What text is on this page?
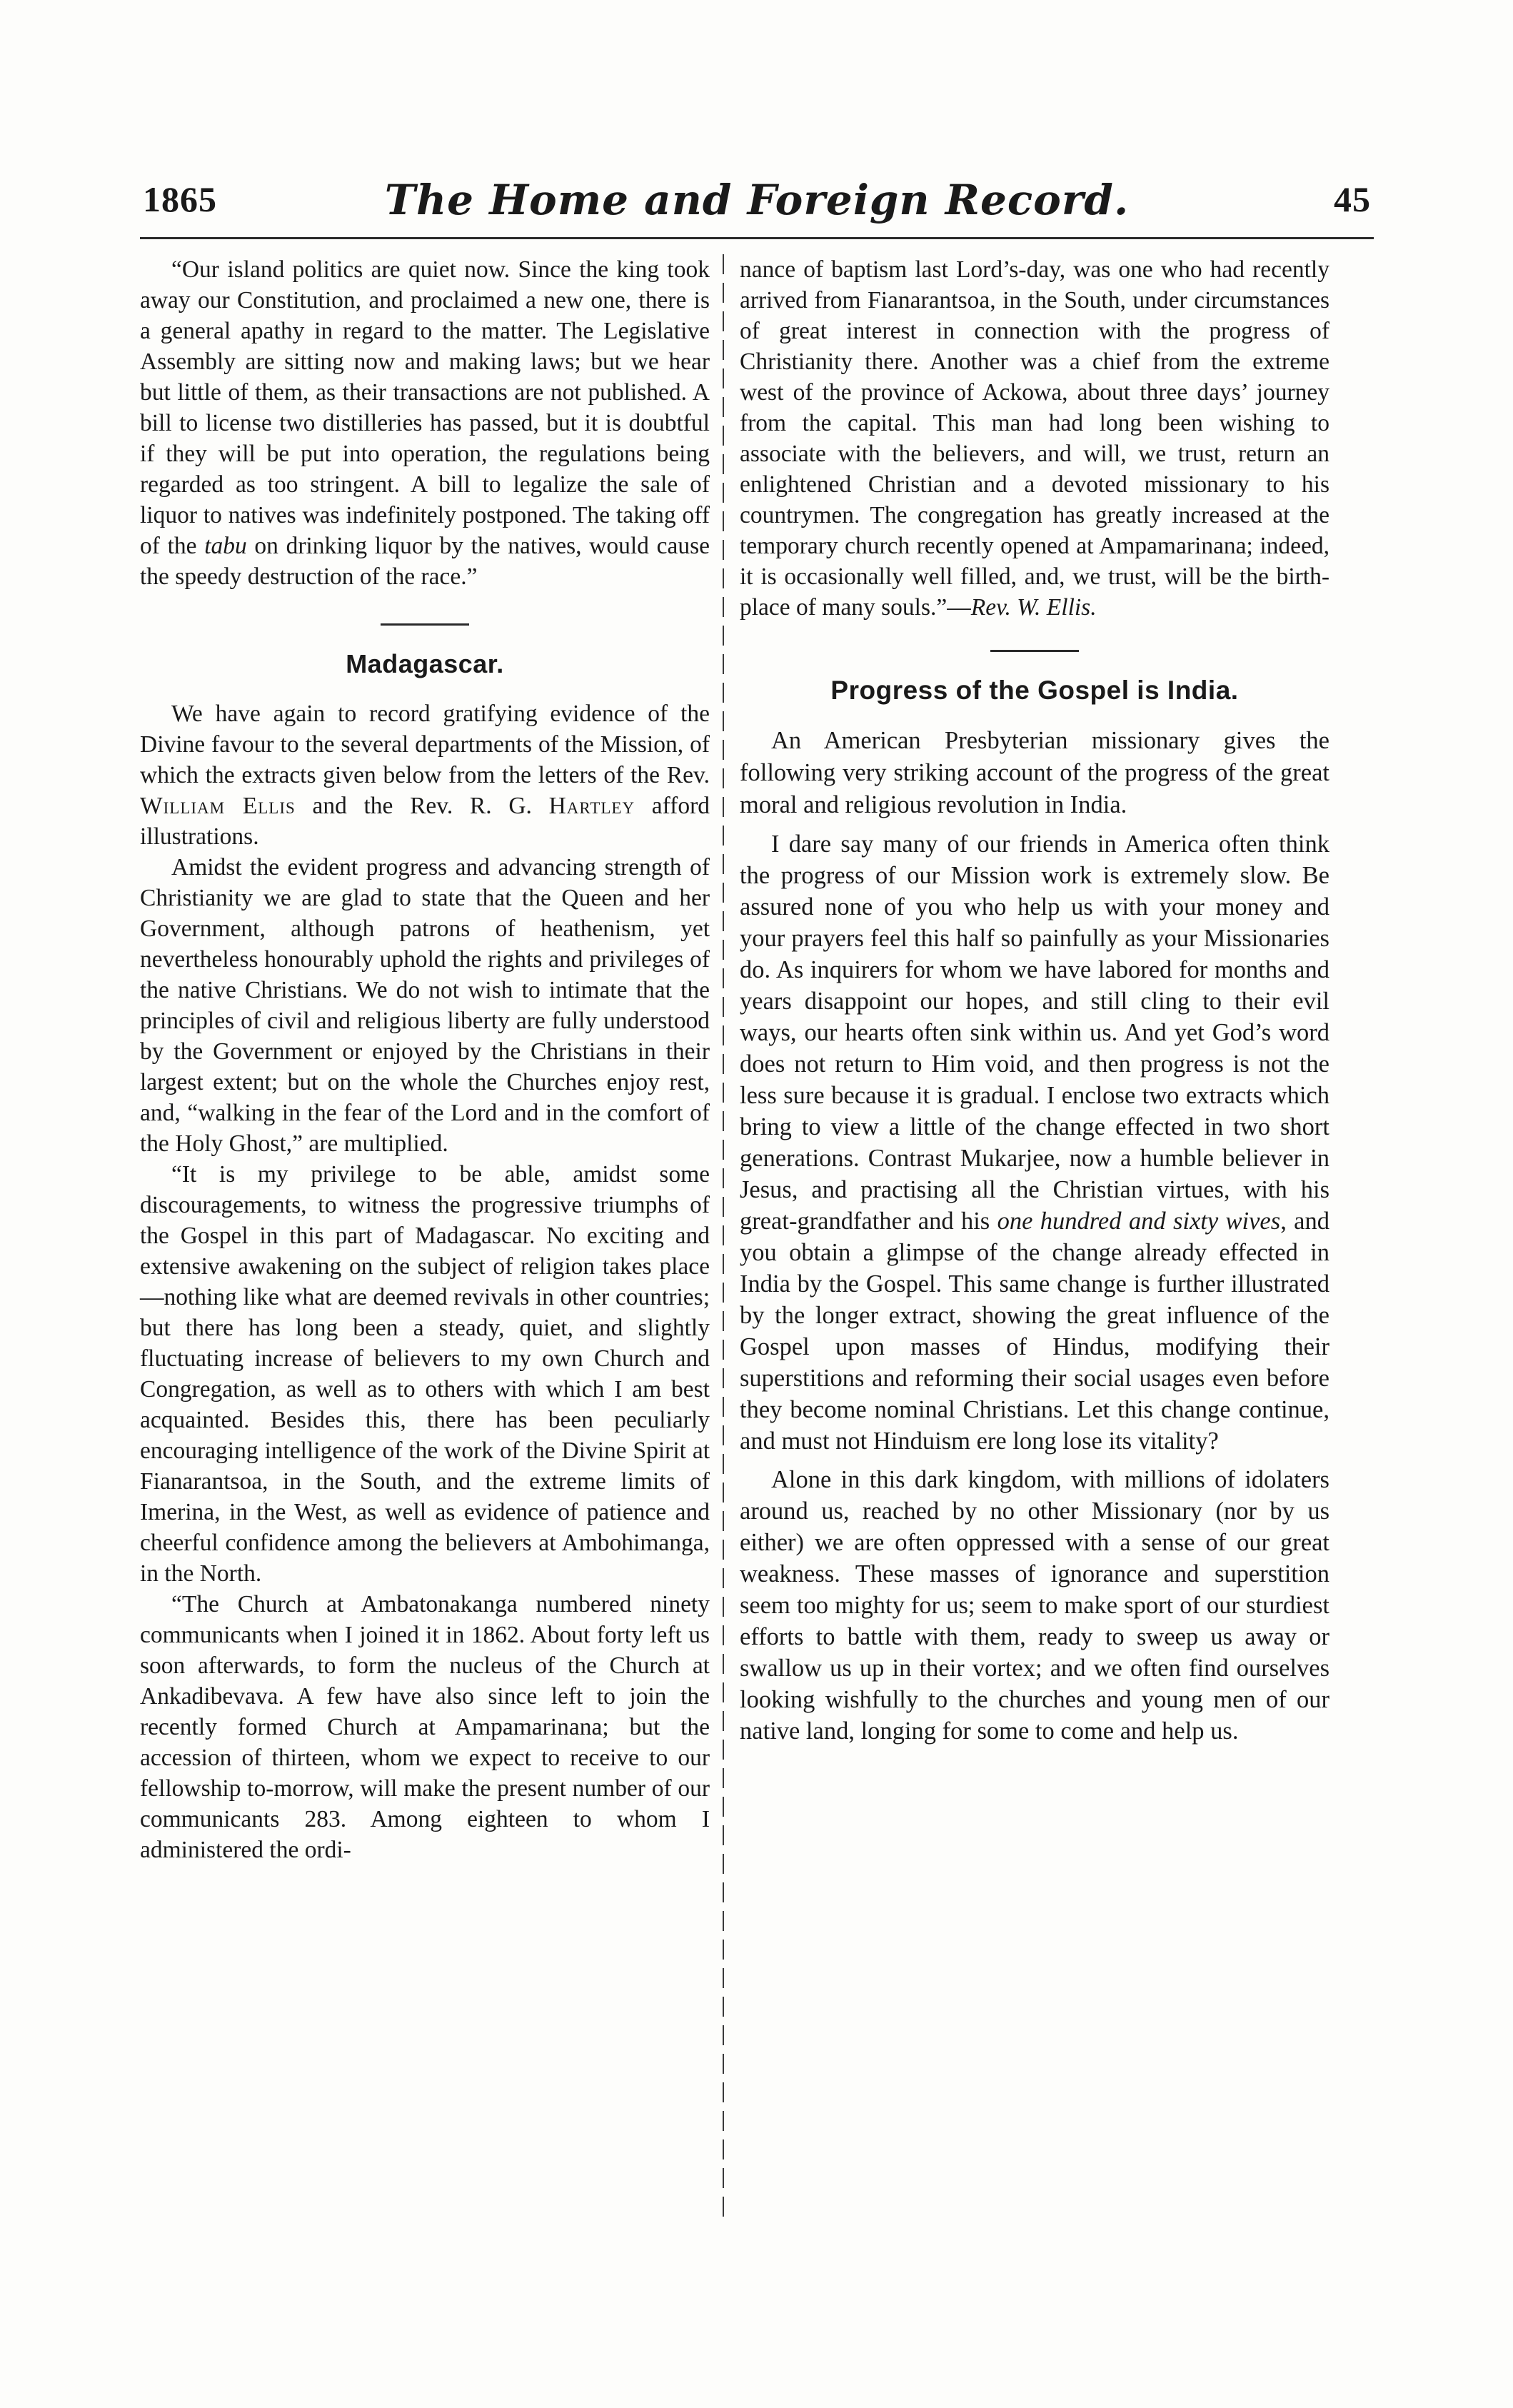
1865	The Home and Foreign Record.	45

“Our island politics are quiet now. Since the king took away our Constitution, and proclaimed a new one, there is a general apathy in regard to the matter. The Legislative Assembly are sitting now and making laws; but we hear but little of them, as their transactions are not published. A bill to license two distilleries has passed, but it is doubtful if they will be put into operation, the regulations being regarded as too stringent. A bill to legalize the sale of liquor to natives was indefinitely postponed. The taking off of the tabu on drinking liquor by the natives, would cause the speedy destruction of the race.”

Madagascar.

We have again to record gratifying evidence of the Divine favour to the several departments of the Mission, of which the extracts given below from the letters of the Rev. William Ellis and the Rev. R. G. Hartley afford illustrations.

Amidst the evident progress and advancing strength of Christianity we are glad to state that the Queen and her Government, although patrons of heathenism, yet nevertheless honourably uphold the rights and privileges of the native Christians. We do not wish to intimate that the principles of civil and religious liberty are fully understood by the Government or enjoyed by the Christians in their largest extent; but on the whole the Churches enjoy rest, and, “walking in the fear of the Lord and in the comfort of the Holy Ghost,” are multiplied.

“It is my privilege to be able, amidst some discouragements, to witness the progressive triumphs of the Gospel in this part of Madagascar. No exciting and extensive awakening on the subject of religion takes place—nothing like what are deemed revivals in other countries; but there has long been a steady, quiet, and slightly fluctuating increase of believers to my own Church and Congregation, as well as to others with which I am best acquainted. Besides this, there has been peculiarly encouraging intelligence of the work of the Divine Spirit at Fianarantsoa, in the South, and the extreme limits of Imerina, in the West, as well as evidence of patience and cheerful confidence among the believers at Ambohimanga, in the North.

“The Church at Ambatonakanga numbered ninety communicants when I joined it in 1862. About forty left us soon afterwards, to form the nucleus of the Church at Ankadibevava. A few have also since left to join the recently formed Church at Ampamarinana; but the accession of thirteen, whom we expect to receive to our fellowship to-morrow, will make the present number of our communicants 283. Among eighteen to whom I administered the ordi-

nance of baptism last Lord’s-day, was one who had recently arrived from Fianarantsoa, in the South, under circumstances of great interest in connection with the progress of Christianity there. Another was a chief from the extreme west of the province of Ackowa, about three days’ journey from the capital. This man had long been wishing to associate with the believers, and will, we trust, return an enlightened Christian and a devoted missionary to his countrymen. The congregation has greatly increased at the temporary church recently opened at Ampamarinana; indeed, it is occasionally well filled, and, we trust, will be the birth-place of many souls.”—Rev. W. Ellis.

Progress of the Gospel is India.

An American Presbyterian missionary gives the following very striking account of the progress of the great moral and religious revolution in India.

I dare say many of our friends in America often think the progress of our Mission work is extremely slow. Be assured none of you who help us with your money and your prayers feel this half so painfully as your Missionaries do. As inquirers for whom we have labored for months and years disappoint our hopes, and still cling to their evil ways, our hearts often sink within us. And yet God’s word does not return to Him void, and then progress is not the less sure because it is gradual. I enclose two extracts which bring to view a little of the change effected in two short generations. Contrast Mukarjee, now a humble believer in Jesus, and practising all the Christian virtues, with his great-grandfather and his one hundred and sixty wives, and you obtain a glimpse of the change already effected in India by the Gospel. This same change is further illustrated by the longer extract, showing the great influence of the Gospel upon masses of Hindus, modifying their superstitions and reforming their social usages even before they become nominal Christians. Let this change continue, and must not Hinduism ere long lose its vitality?

Alone in this dark kingdom, with millions of idolaters around us, reached by no other Missionary (nor by us either) we are often oppressed with a sense of our great weakness. These masses of ignorance and superstition seem too mighty for us; seem to make sport of our sturdiest efforts to battle with them, ready to sweep us away or swallow us up in their vortex; and we often find ourselves looking wishfully to the churches and young men of our native land, longing for some to come and help us.
